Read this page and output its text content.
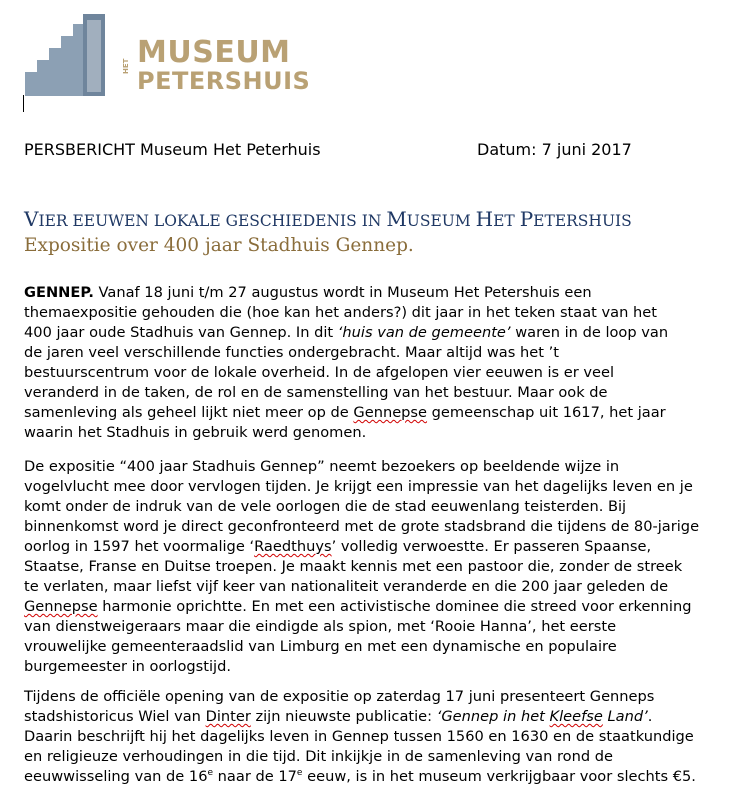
HET MUSEUM
PETERSHUIS
PERSBERICHT Museum Het Peterhuis	Datum: 7 juni 2017
VIER EEUWEN LOKALE GESCHIEDENIS IN MUSEUM HET PETERSHUIS
Expositie over 400 jaar Stadhuis Gennep.
GENNEP. Vanaf 18 juni t/m 27 augustus wordt in Museum Het Petershuis een
themaexpositie gehouden die (hoe kan het anders?) dit jaar in het teken staat van het
400 jaar oude Stadhuis van Gennep. In dit ‘huis van de gemeente’ waren in de loop van
de jaren veel verschillende functies ondergebracht. Maar altijd was het ’t
bestuurscentrum voor de lokale overheid. In de afgelopen vier eeuwen is er veel
veranderd in de taken, de rol en de samenstelling van het bestuur. Maar ook de
samenleving als geheel lijkt niet meer op de Gennepse gemeenschap uit 1617, het jaar
waarin het Stadhuis in gebruik werd genomen.
De expositie “400 jaar Stadhuis Gennep” neemt bezoekers op beeldende wijze in
vogelvlucht mee door vervlogen tijden. Je krijgt een impressie van het dagelijks leven en je
komt onder de indruk van de vele oorlogen die de stad eeuwenlang teisterden. Bij
binnenkomst word je direct geconfronteerd met de grote stadsbrand die tijdens de 80-jarige
oorlog in 1597 het voormalige ‘Raedthuys’ volledig verwoestte. Er passeren Spaanse,
Staatse, Franse en Duitse troepen. Je maakt kennis met een pastoor die, zonder de streek
te verlaten, maar liefst vijf keer van nationaliteit veranderde en die 200 jaar geleden de
Gennepse harmonie oprichtte. En met een activistische dominee die streed voor erkenning
van dienstweigeraars maar die eindigde als spion, met ‘Rooie Hanna’, het eerste
vrouwelijke gemeenteraadslid van Limburg en met een dynamische en populaire
burgemeester in oorlogstijd.
Tijdens de officiële opening van de expositie op zaterdag 17 juni presenteert Genneps
stadshistoricus Wiel van Dinter zijn nieuwste publicatie: ‘Gennep in het Kleefse Land’.
Daarin beschrijft hij het dagelijks leven in Gennep tussen 1560 en 1630 en de staatkundige
en religieuze verhoudingen in die tijd. Dit inkijkje in de samenleving van rond de
eeuwwisseling van de 16e naar de 17e eeuw, is in het museum verkrijgbaar voor slechts €5.
